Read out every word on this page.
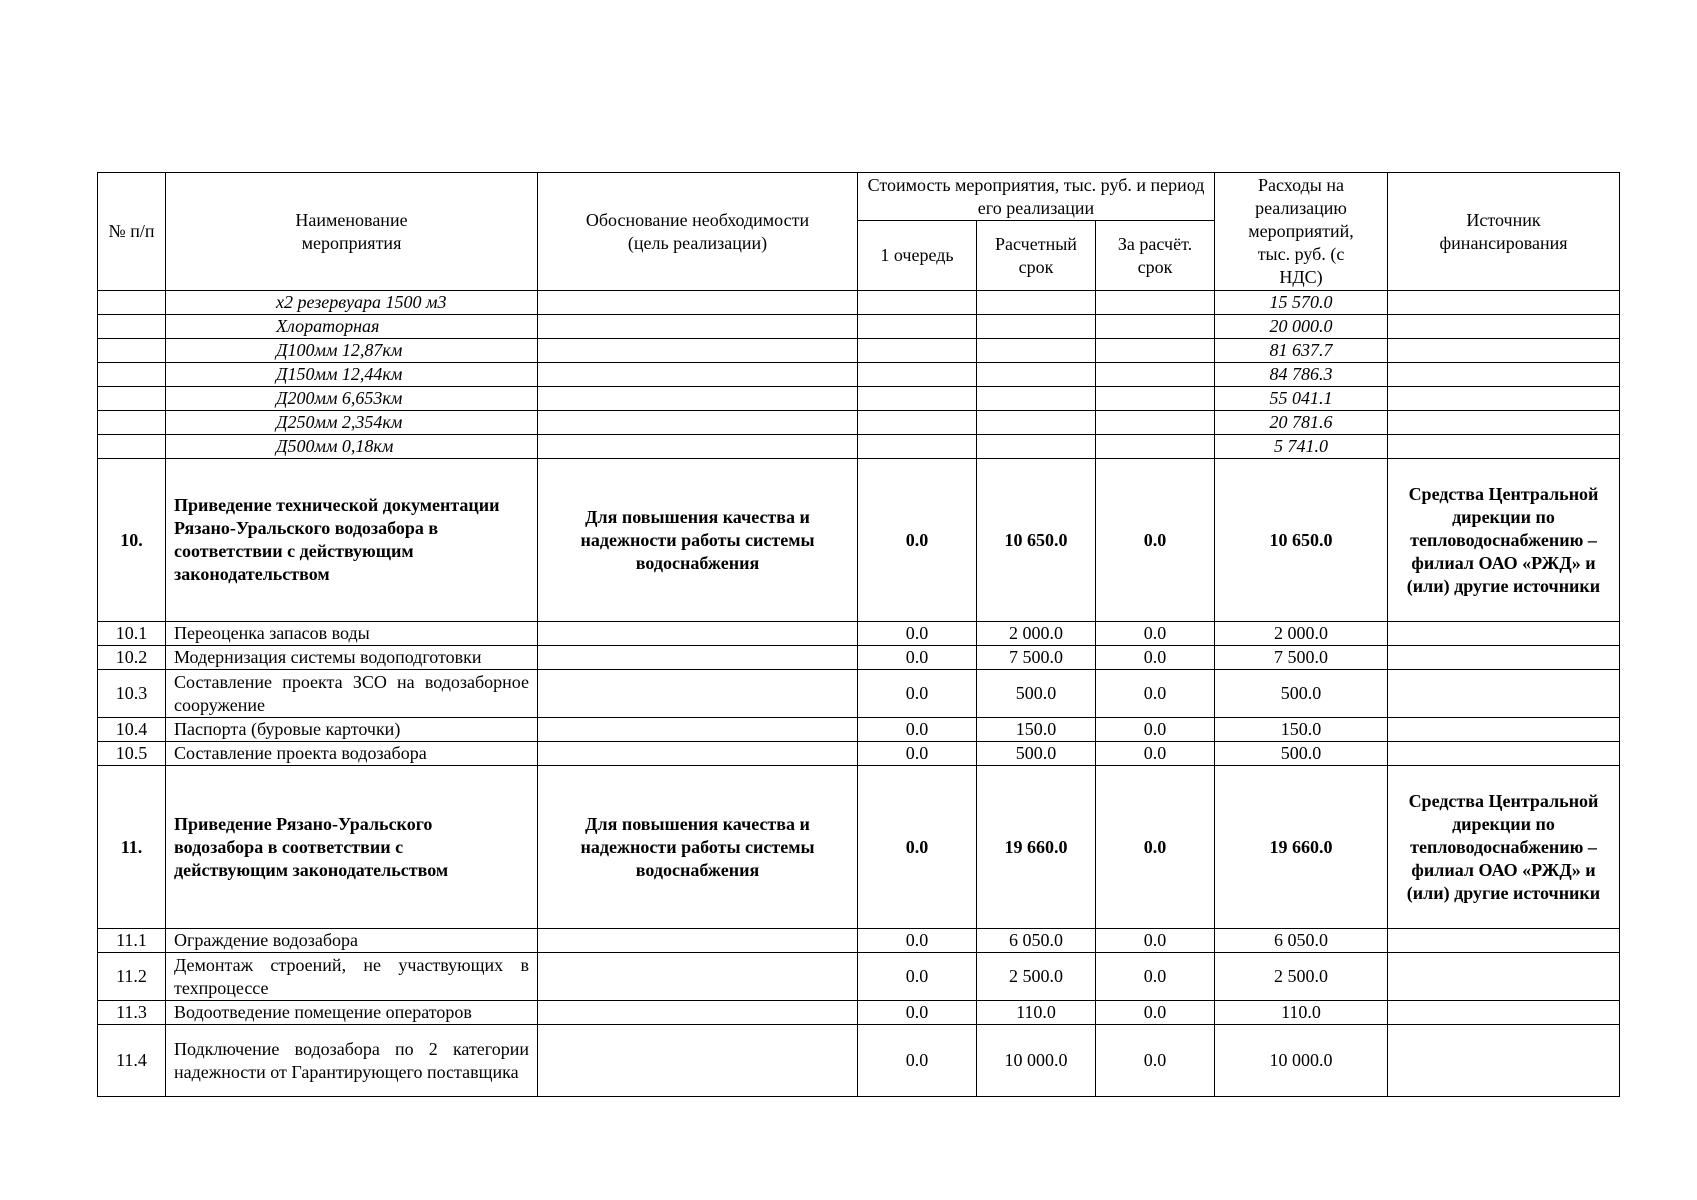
№ п/п	Наименование мероприятия	Обоснование необходимости (цель реализации)	Стоимость мероприятия, тыс. руб. и период его реализации			Расходы на реализацию мероприятий, тыс. руб. (с НДС)	Источник финансирования
			1 очередь	Расчетный срок	За расчёт. срок		
	x2 резервуара 1500 м3					15 570.0	
	Хлораторная					20 000.0	
	Д100мм 12,87км					81 637.7	
	Д150мм 12,44км					84 786.3	
	Д200мм 6,653км					55 041.1	
	Д250мм 2,354км					20 781.6	
	Д500мм 0,18км					5 741.0	
10.	Приведение технической документации Рязано-Уральского водозабора в соответствии с действующим законодательством	Для повышения качества и надежности работы системы водоснабжения	0.0	10 650.0	0.0	10 650.0	Средства Центральной дирекции по тепловодоснабжению – филиал ОАО «РЖД» и (или) другие источники
10.1	Переоценка запасов воды		0.0	2 000.0	0.0	2 000.0	
10.2	Модернизация системы водоподготовки		0.0	7 500.0	0.0	7 500.0	
10.3	Составление проекта ЗСО на водозаборное сооружение		0.0	500.0	0.0	500.0	
10.4	Паспорта (буровые карточки)		0.0	150.0	0.0	150.0	
10.5	Составление проекта водозабора		0.0	500.0	0.0	500.0	
11.	Приведение Рязано-Уральского водозабора в соответствии с действующим законодательством	Для повышения качества и надежности работы системы водоснабжения	0.0	19 660.0	0.0	19 660.0	Средства Центральной дирекции по тепловодоснабжению – филиал ОАО «РЖД» и (или) другие источники
11.1	Ограждение водозабора		0.0	6 050.0	0.0	6 050.0	
11.2	Демонтаж строений, не участвующих в техпроцессе		0.0	2 500.0	0.0	2 500.0	
11.3	Водоотведение помещение операторов		0.0	110.0	0.0	110.0	
11.4	Подключение водозабора по 2 категории надежности от Гарантирующего поставщика		0.0	10 000.0	0.0	10 000.0	
